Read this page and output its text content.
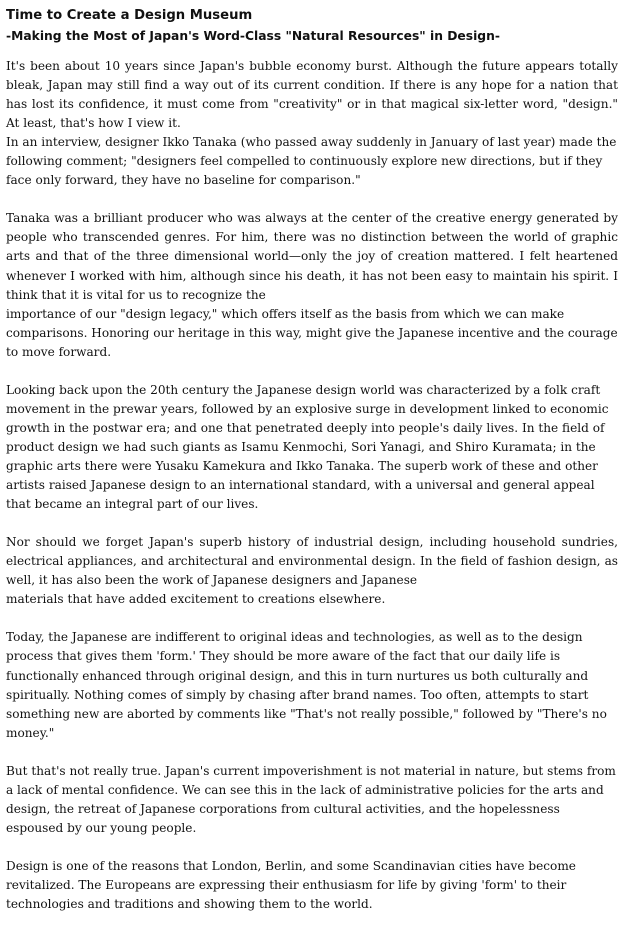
Time to Create a Design Museum
-Making the Most of Japan's Word-Class "Natural Resources" in Design-
It's been about 10 years since Japan's bubble economy burst. Although the future appears totally bleak, Japan may still find a way out of its current condition. If there is any hope for a nation that has lost its confidence, it must come from "creativity" or in that magical six-letter word, "design." At least, that's how I view it.
In an interview, designer Ikko Tanaka (who passed away suddenly in January of last year) made the following comment; "designers feel compelled to continuously explore new directions, but if they face only forward, they have no baseline for comparison."
Tanaka was a brilliant producer who was always at the center of the creative energy generated by people who transcended genres. For him, there was no distinction between the world of graphic arts and that of the three dimensional world—only the joy of creation mattered. I felt heartened whenever I worked with him, although since his death, it has not been easy to maintain his spirit. I think that it is vital for us to recognize the
importance of our "design legacy," which offers itself as the basis from which we can make comparisons. Honoring our heritage in this way, might give the Japanese incentive and the courage to move forward.
Looking back upon the 20th century the Japanese design world was characterized by a folk craft movement in the prewar years, followed by an explosive surge in development linked to economic growth in the postwar era; and one that penetrated deeply into people's daily lives. In the field of product design we had such giants as Isamu Kenmochi, Sori Yanagi, and Shiro Kuramata; in the graphic arts there were Yusaku Kamekura and Ikko Tanaka. The superb work of these and other artists raised Japanese design to an international standard, with a universal and general appeal that became an integral part of our lives.
Nor should we forget Japan's superb history of industrial design, including household sundries, electrical appliances, and architectural and environmental design. In the field of fashion design, as well, it has also been the work of Japanese designers and Japanese
materials that have added excitement to creations elsewhere.
Today, the Japanese are indifferent to original ideas and technologies, as well as to the design process that gives them 'form.' They should be more aware of the fact that our daily life is functionally enhanced through original design, and this in turn nurtures us both culturally and spiritually. Nothing comes of simply by chasing after brand names. Too often, attempts to start something new are aborted by comments like "That's not really possible," followed by "There's no money."
But that's not really true. Japan's current impoverishment is not material in nature, but stems from a lack of mental confidence. We can see this in the lack of administrative policies for the arts and design, the retreat of Japanese corporations from cultural activities, and the hopelessness espoused by our young people.
Design is one of the reasons that London, Berlin, and some Scandinavian cities have become revitalized. The Europeans are expressing their enthusiasm for life by giving 'form' to their technologies and traditions and showing them to the world.
